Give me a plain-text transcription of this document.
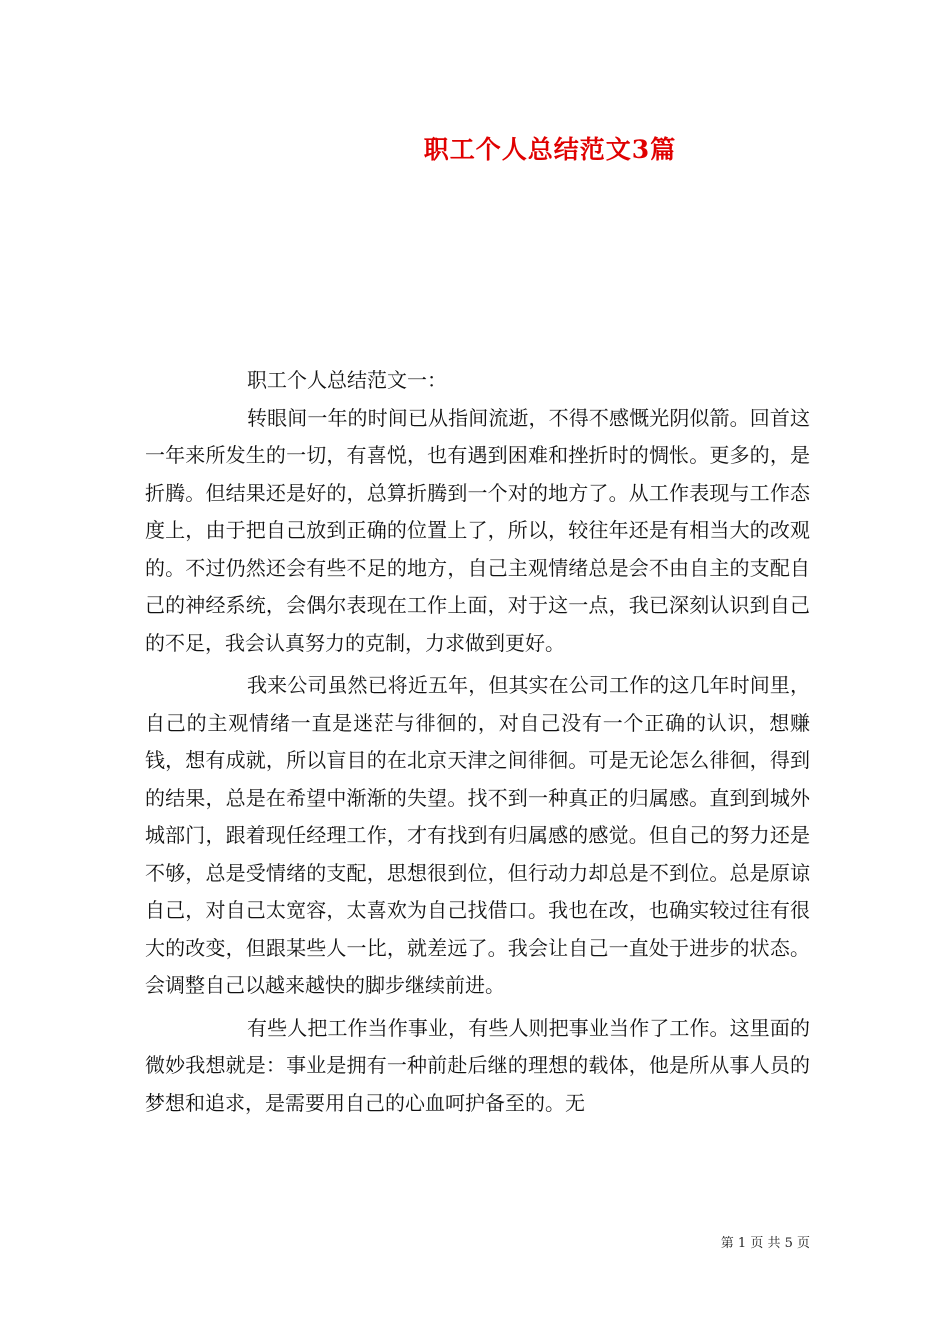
职工个人总结范文3篇

职工个人总结范文一：

转眼间一年的时间已从指间流逝，不得不感慨光阴似箭。回首这一年来所发生的一切，有喜悦，也有遇到困难和挫折时的惆怅。更多的，是折腾。但结果还是好的，总算折腾到一个对的地方了。从工作表现与工作态度上，由于把自己放到正确的位置上了，所以，较往年还是有相当大的改观的。不过仍然还会有些不足的地方，自己主观情绪总是会不由自主的支配自己的神经系统，会偶尔表现在工作上面，对于这一点，我已深刻认识到自己的不足，我会认真努力的克制，力求做到更好。

我来公司虽然已将近五年，但其实在公司工作的这几年时间里，自己的主观情绪一直是迷茫与徘徊的，对自己没有一个正确的认识，想赚钱，想有成就，所以盲目的在北京天津之间徘徊。可是无论怎么徘徊，得到的结果，总是在希望中渐渐的失望。找不到一种真正的归属感。直到到城外城部门，跟着现任经理工作，才有找到有归属感的感觉。但自己的努力还是不够，总是受情绪的支配，思想很到位，但行动力却总是不到位。总是原谅自己，对自己太宽容，太喜欢为自己找借口。我也在改，也确实较过往有很大的改变，但跟某些人一比，就差远了。我会让自己一直处于进步的状态。会调整自己以越来越快的脚步继续前进。

有些人把工作当作事业，有些人则把事业当作了工作。这里面的微妙我想就是：事业是拥有一种前赴后继的理想的载体，他是所从事人员的梦想和追求，是需要用自己的心血呵护备至的。无

第 1 页 共 5 页
